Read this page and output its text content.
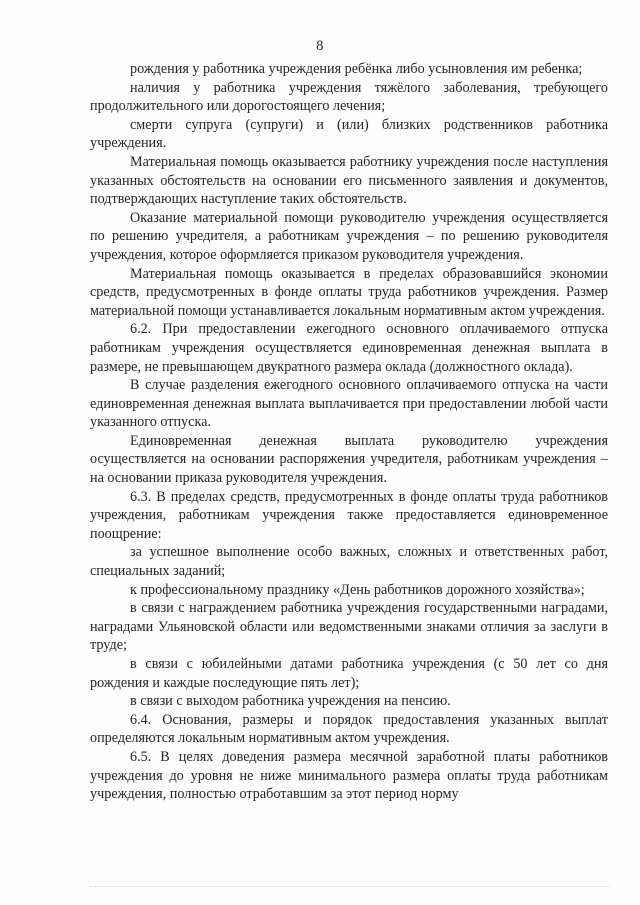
8

рождения у работника учреждения ребёнка либо усыновления им ребенка;

наличия у работника учреждения тяжёлого заболевания, требующего продолжительного или дорогостоящего лечения;

смерти супруга (супруги) и (или) близких родственников работника учреждения.

Материальная помощь оказывается работнику учреждения после наступления указанных обстоятельств на основании его письменного заявления и документов, подтверждающих наступление таких обстоятельств.

Оказание материальной помощи руководителю учреждения осуществляется по решению учредителя, а работникам учреждения – по решению руководителя учреждения, которое оформляется приказом руководителя учреждения.

Материальная помощь оказывается в пределах образовавшийся экономии средств, предусмотренных в фонде оплаты труда работников учреждения. Размер материальной помощи устанавливается локальным нормативным актом учреждения.

6.2. При предоставлении ежегодного основного оплачиваемого отпуска работникам учреждения осуществляется единовременная денежная выплата в размере, не превышающем двукратного размера оклада (должностного оклада).

В случае разделения ежегодного основного оплачиваемого отпуска на части единовременная денежная выплата выплачивается при предоставлении любой части указанного отпуска.

Единовременная денежная выплата руководителю учреждения осуществляется на основании распоряжения учредителя, работникам учреждения – на основании приказа руководителя учреждения.

6.3. В пределах средств, предусмотренных в фонде оплаты труда работников учреждения, работникам учреждения также предоставляется единовременное поощрение:

за успешное выполнение особо важных, сложных и ответственных работ, специальных заданий;

к профессиональному празднику «День работников дорожного хозяйства»;

в связи с награждением работника учреждения государственными наградами, наградами Ульяновской области или ведомственными знаками отличия за заслуги в труде;

в связи с юбилейными датами работника учреждения (с 50 лет со дня рождения и каждые последующие пять лет);

в связи с выходом работника учреждения на пенсию.

6.4. Основания, размеры и порядок предоставления указанных выплат определяются локальным нормативным актом учреждения.

6.5. В целях доведения размера месячной заработной платы работников учреждения до уровня не ниже минимального размера оплаты труда работникам учреждения, полностью отработавшим за этот период норму
